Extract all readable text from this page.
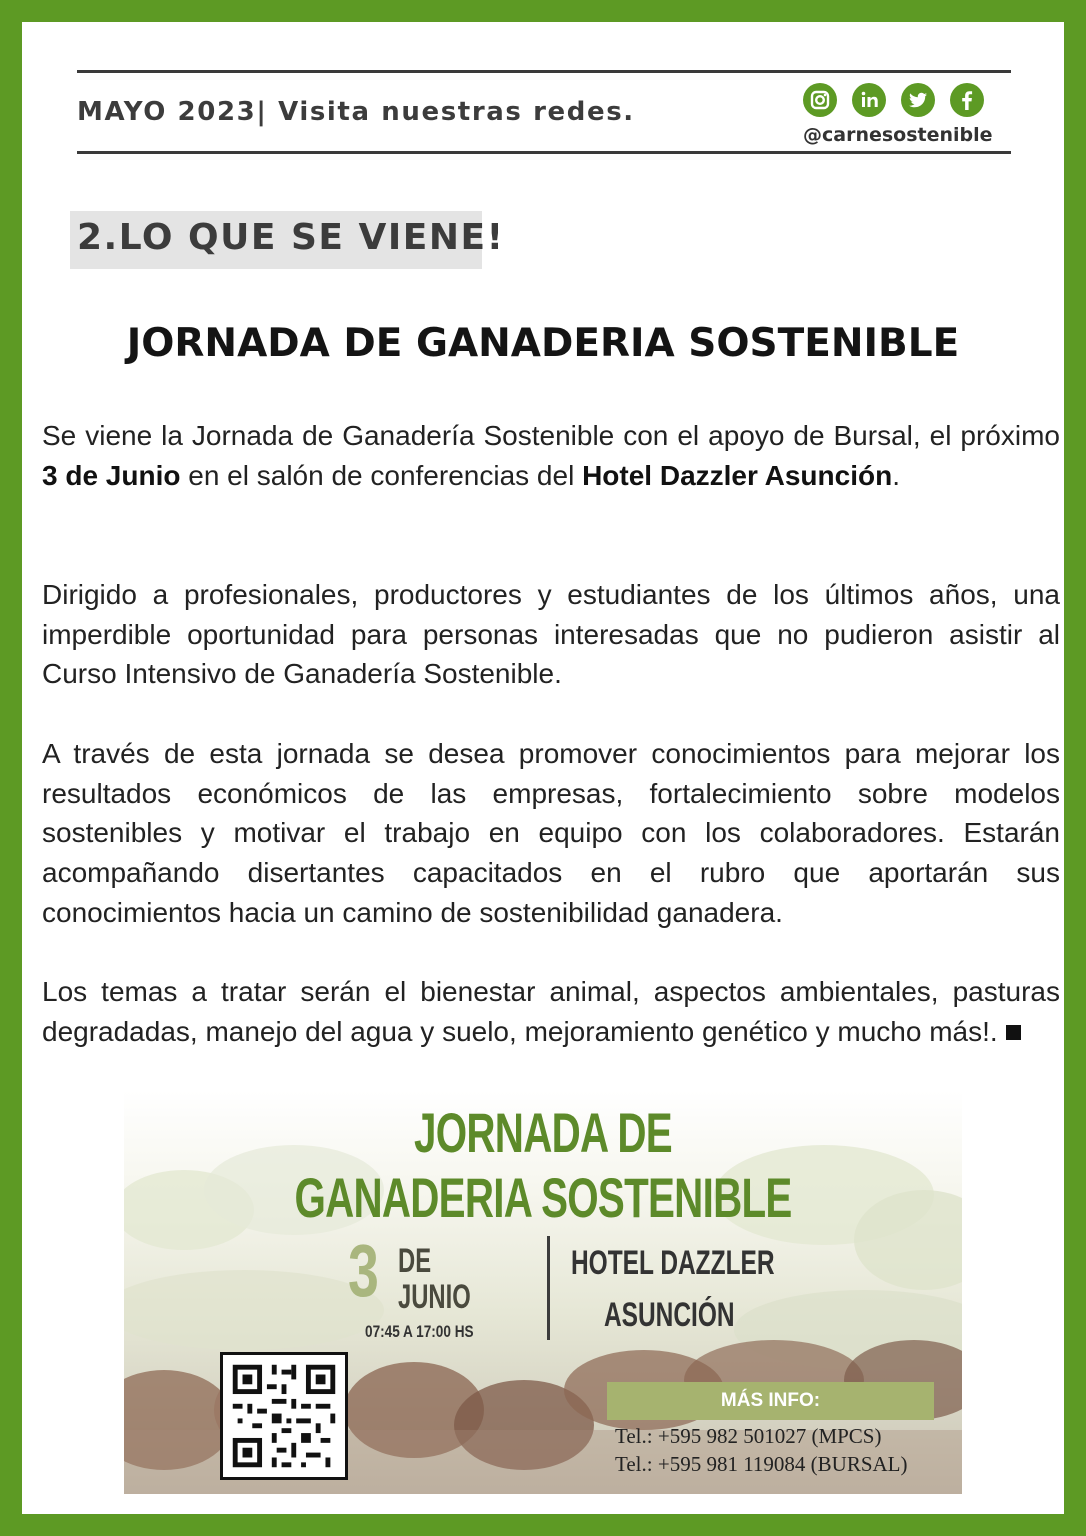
MAYO 2023| Visita nuestras redes.
@carnesostenible
2.LO QUE SE VIENE!
JORNADA DE GANADERIA SOSTENIBLE
Se viene la Jornada de Ganadería Sostenible con el apoyo de Bursal, el próximo 3 de Junio en el salón de conferencias del Hotel Dazzler Asunción.
Dirigido a profesionales, productores y estudiantes de los últimos años, una imperdible oportunidad para personas interesadas que no pudieron asistir al Curso Intensivo de Ganadería Sostenible.
A través de esta jornada se desea promover conocimientos para mejorar los resultados económicos de las empresas, fortalecimiento sobre modelos sostenibles y motivar el trabajo en equipo con los colaboradores. Estarán acompañando disertantes capacitados en el rubro que aportarán sus conocimientos hacia un camino de sostenibilidad ganadera.
Los temas a tratar serán el bienestar animal, aspectos ambientales, pasturas degradadas, manejo del agua y suelo, mejoramiento genético y mucho más!.
JORNADA DE
GANADERIA SOSTENIBLE
3 DE
JUNIO
07:45 A 17:00 HS
HOTEL DAZZLER
ASUNCIÓN
MÁS INFO:
Tel.: +595 982 501027 (MPCS)
Tel.: +595 981 119084 (BURSAL)
